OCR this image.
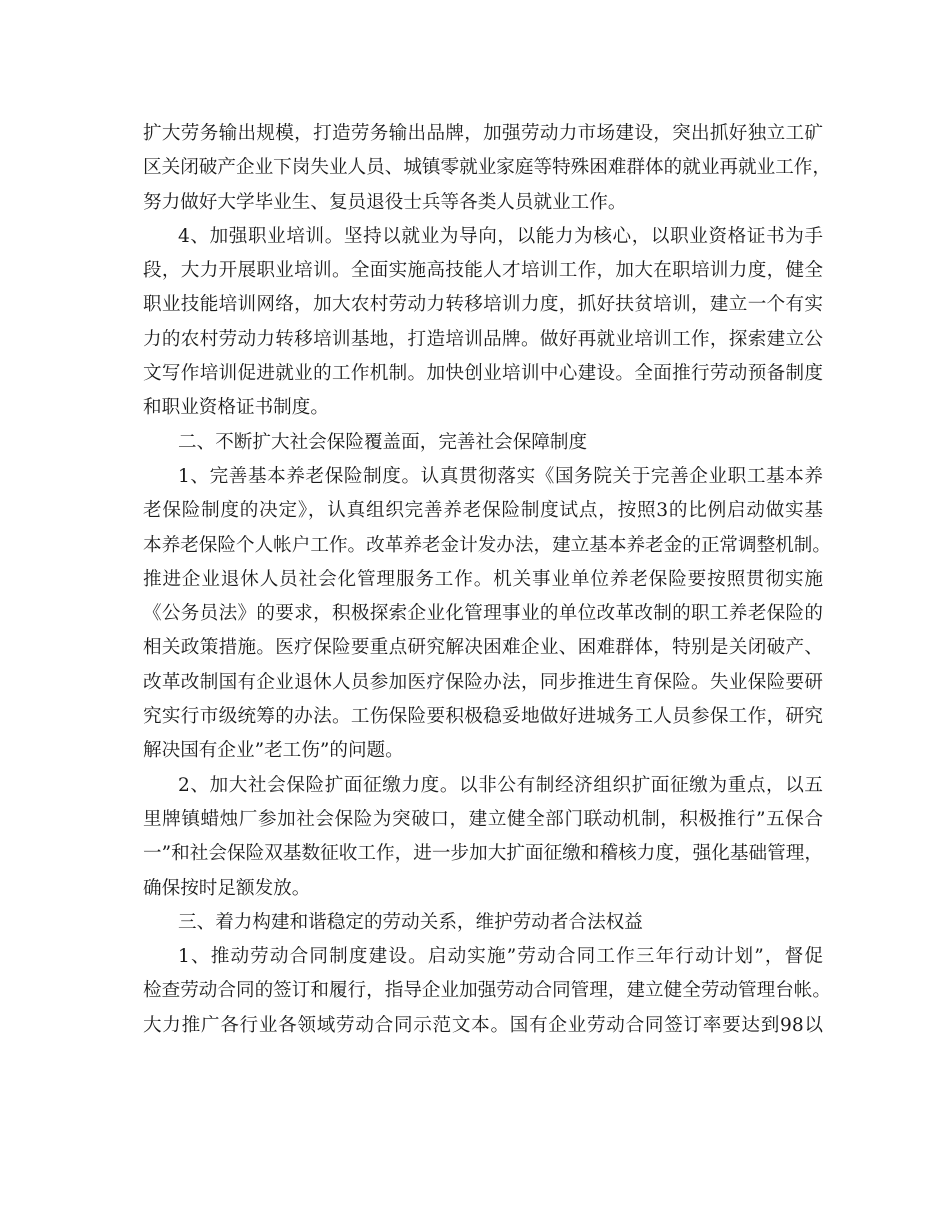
扩大劳务输出规模，打造劳务输出品牌，加强劳动力市场建设，突出抓好独立工矿
区关闭破产企业下岗失业人员、城镇零就业家庭等特殊困难群体的就业再就业工作，
努力做好大学毕业生、复员退役士兵等各类人员就业工作。
4、加强职业培训。坚持以就业为导向，以能力为核心，以职业资格证书为手
段，大力开展职业培训。全面实施高技能人才培训工作，加大在职培训力度，健全
职业技能培训网络，加大农村劳动力转移培训力度，抓好扶贫培训，建立一个有实
力的农村劳动力转移培训基地，打造培训品牌。做好再就业培训工作，探索建立公
文写作培训促进就业的工作机制。加快创业培训中心建设。全面推行劳动预备制度
和职业资格证书制度。
二、不断扩大社会保险覆盖面，完善社会保障制度
1、完善基本养老保险制度。认真贯彻落实《国务院关于完善企业职工基本养
老保险制度的决定》，认真组织完善养老保险制度试点，按照3的比例启动做实基
本养老保险个人帐户工作。改革养老金计发办法，建立基本养老金的正常调整机制。
推进企业退休人员社会化管理服务工作。机关事业单位养老保险要按照贯彻实施
《公务员法》的要求，积极探索企业化管理事业的单位改革改制的职工养老保险的
相关政策措施。医疗保险要重点研究解决困难企业、困难群体，特别是关闭破产、
改革改制国有企业退休人员参加医疗保险办法，同步推进生育保险。失业保险要研
究实行市级统筹的办法。工伤保险要积极稳妥地做好进城务工人员参保工作，研究
解决国有企业”老工伤”的问题。
2、加大社会保险扩面征缴力度。以非公有制经济组织扩面征缴为重点，以五
里牌镇蜡烛厂参加社会保险为突破口，建立健全部门联动机制，积极推行”五保合
一”和社会保险双基数征收工作，进一步加大扩面征缴和稽核力度，强化基础管理，
确保按时足额发放。
三、着力构建和谐稳定的劳动关系，维护劳动者合法权益
1、推动劳动合同制度建设。启动实施”劳动合同工作三年行动计划”，督促
检查劳动合同的签订和履行，指导企业加强劳动合同管理，建立健全劳动管理台帐。
大力推广各行业各领域劳动合同示范文本。国有企业劳动合同签订率要达到98以
